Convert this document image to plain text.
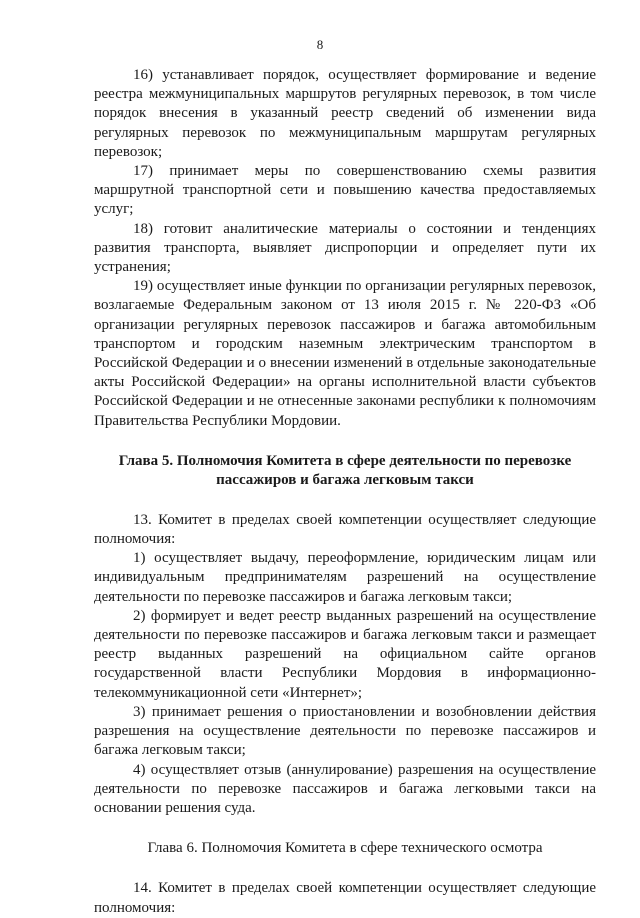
8

16) устанавливает порядок, осуществляет формирование и ведение реестра межмуниципальных маршрутов регулярных перевозок, в том числе порядок внесения в указанный реестр сведений об изменении вида регулярных перевозок по межмуниципальным маршрутам регулярных перевозок;

17) принимает меры по совершенствованию схемы развития маршрутной транспортной сети и повышению качества предоставляемых услуг;

18) готовит аналитические материалы о состоянии и тенденциях развития транспорта, выявляет диспропорции и определяет пути их устранения;

19) осуществляет иные функции по организации регулярных перевозок, возлагаемые Федеральным законом от 13 июля 2015 г. № 220-ФЗ «Об организации регулярных перевозок пассажиров и багажа автомобильным транспортом и городским наземным электрическим транспортом в Российской Федерации и о внесении изменений в отдельные законодательные акты Российской Федерации» на органы исполнительной власти субъектов Российской Федерации и не отнесенные законами республики к полномочиям Правительства Республики Мордовии.

Глава 5. Полномочия Комитета в сфере деятельности по перевозке пассажиров и багажа легковым такси

13. Комитет в пределах своей компетенции осуществляет следующие полномочия:

1) осуществляет выдачу, переоформление, юридическим лицам или индивидуальным предпринимателям разрешений на осуществление деятельности по перевозке пассажиров и багажа легковым такси;

2) формирует и ведет реестр выданных разрешений на осуществление деятельности по перевозке пассажиров и багажа легковым такси и размещает реестр выданных разрешений на официальном сайте органов государственной власти Республики Мордовия в информационно-телекоммуникационной сети «Интернет»;

3) принимает решения о приостановлении и возобновлении действия разрешения на осуществление деятельности по перевозке пассажиров и багажа легковым такси;

4) осуществляет отзыв (аннулирование) разрешения на осуществление деятельности по перевозке пассажиров и багажа легковыми такси на основании решения суда.

Глава 6. Полномочия Комитета в сфере технического осмотра

14. Комитет в пределах своей компетенции осуществляет следующие полномочия:
